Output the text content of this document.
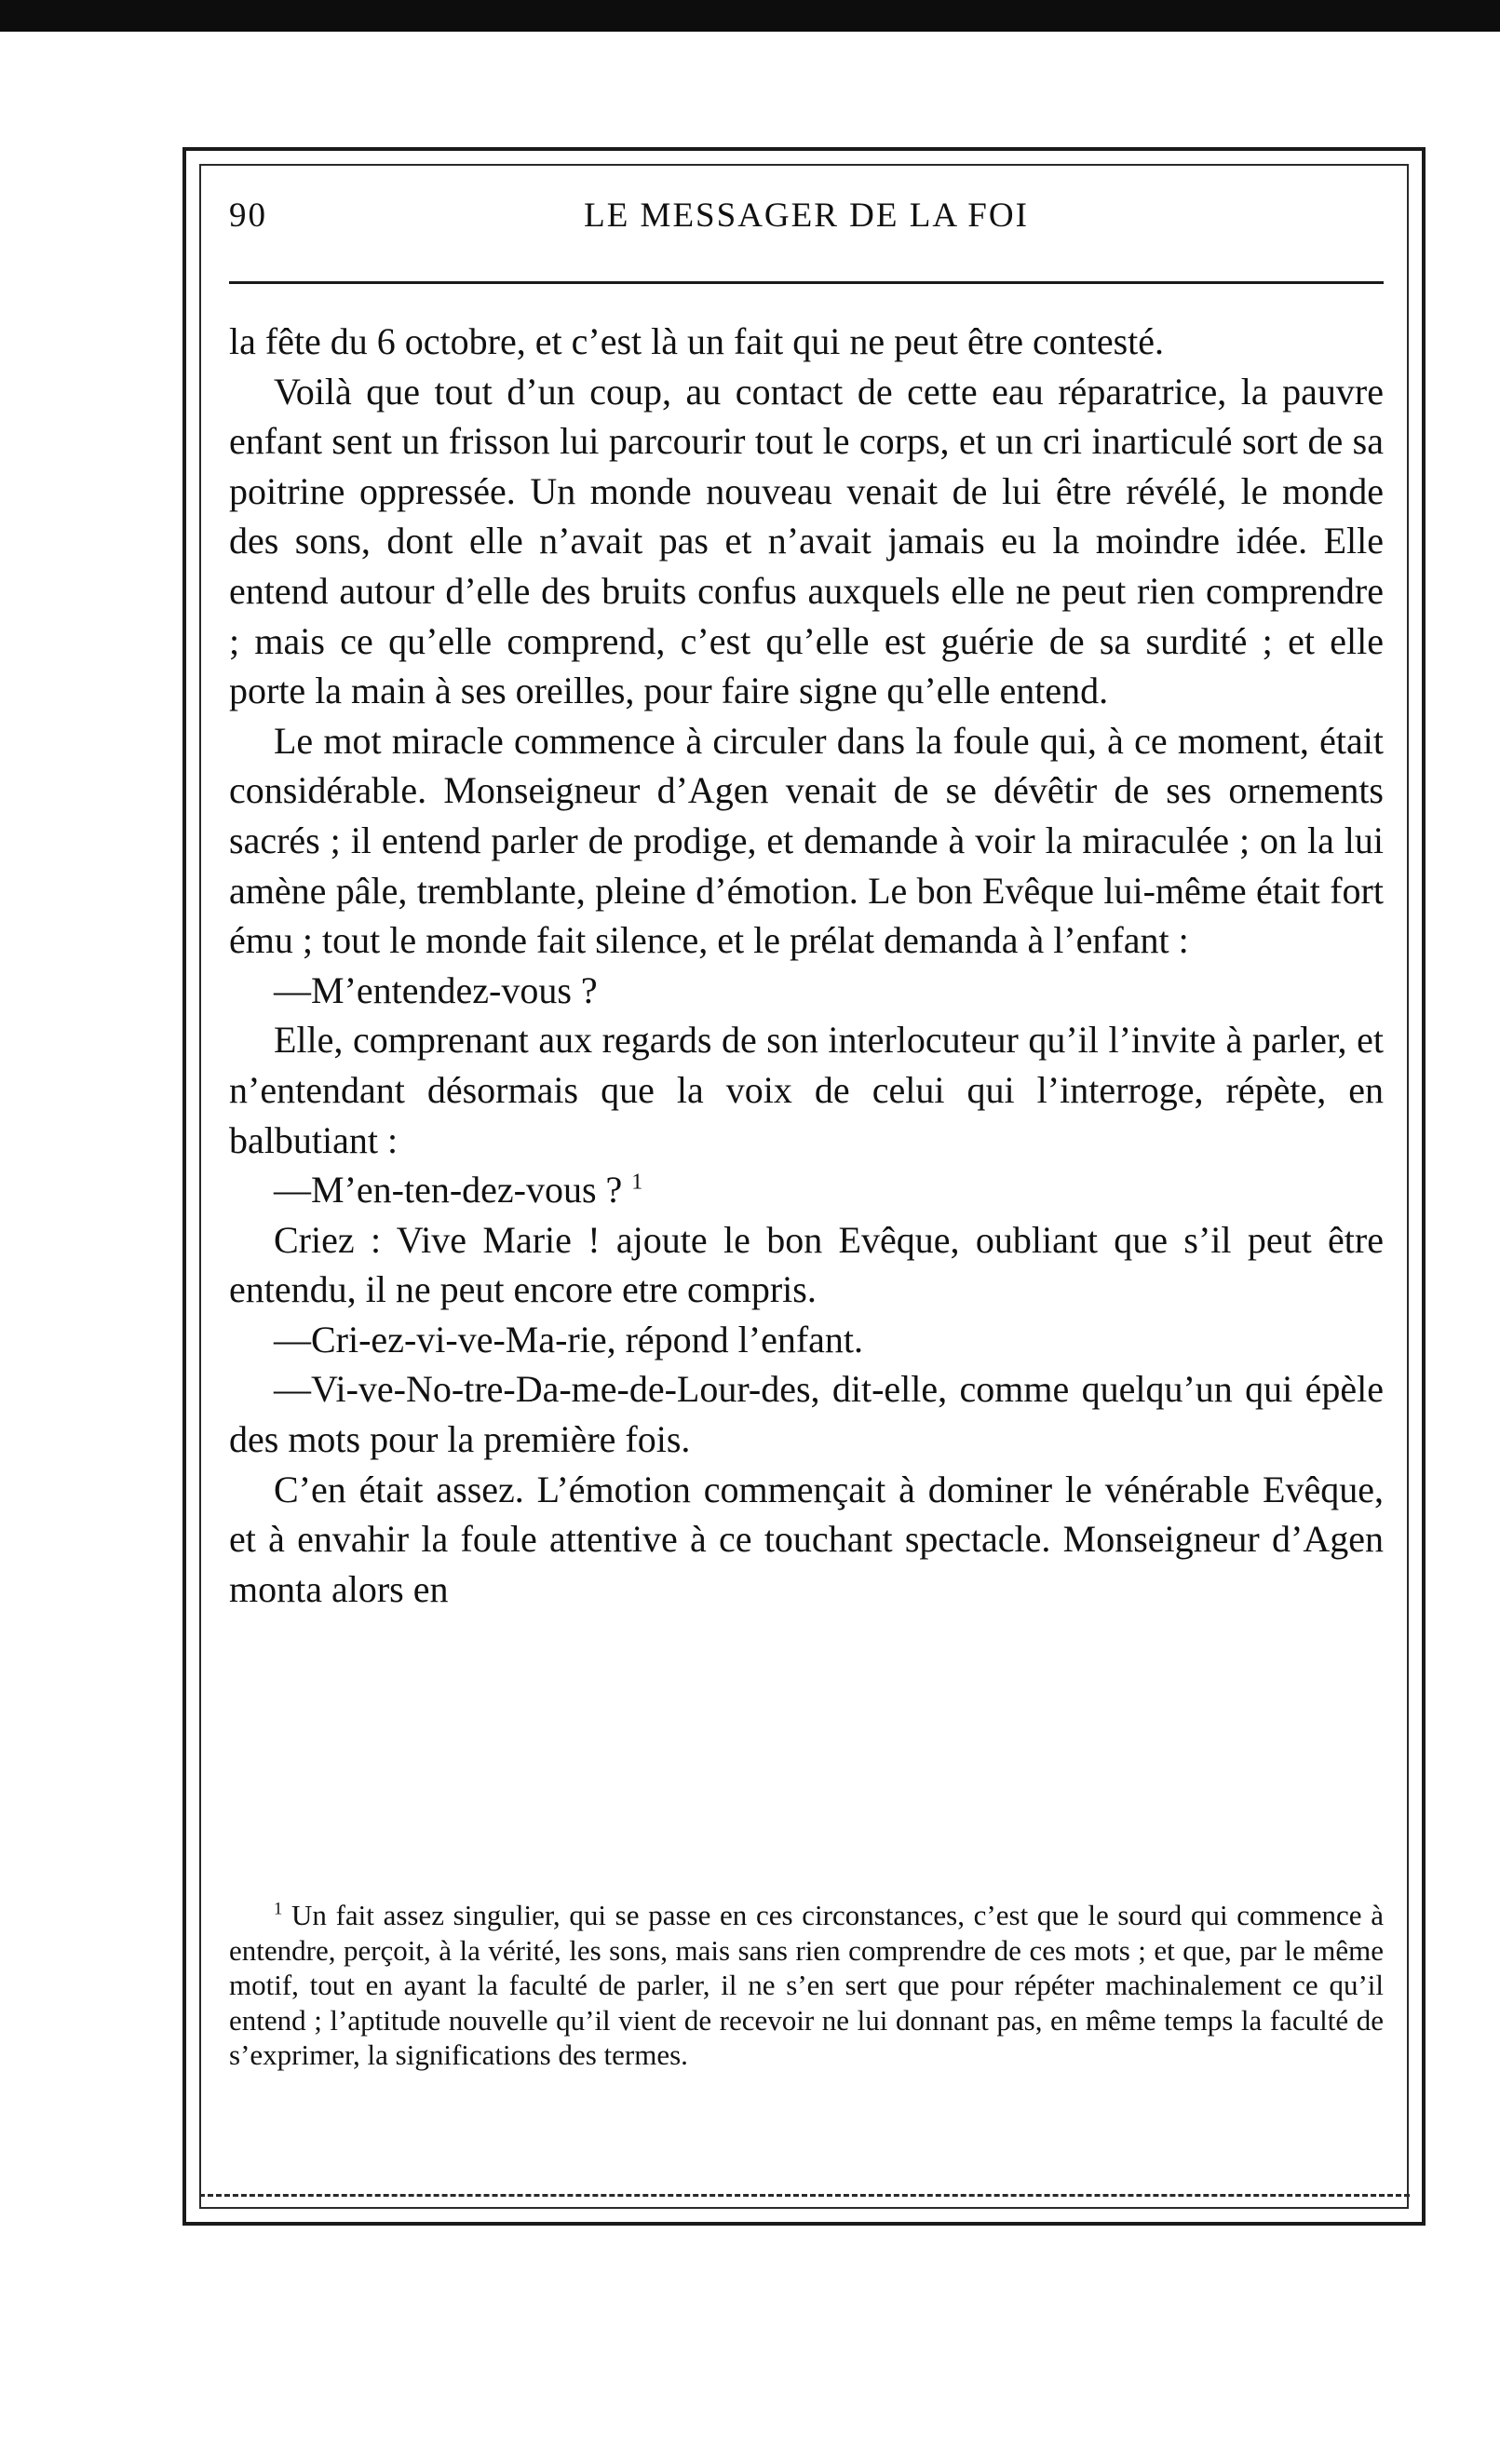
90	LE MESSAGER DE LA FOI

la fête du 6 octobre, et c’est là un fait qui ne peut être contesté.

Voilà que tout d’un coup, au contact de cette eau réparatrice, la pauvre enfant sent un frisson lui parcourir tout le corps, et un cri inarticulé sort de sa poitrine oppressée. Un monde nouveau venait de lui être révélé, le monde des sons, dont elle n’avait pas et n’avait jamais eu la moindre idée. Elle entend autour d’elle des bruits confus auxquels elle ne peut rien comprendre ; mais ce qu’elle comprend, c’est qu’elle est guérie de sa surdité ; et elle porte la main à ses oreilles, pour faire signe qu’elle entend.

Le mot miracle commence à circuler dans la foule qui, à ce moment, était considérable. Monseigneur d’Agen venait de se dévêtir de ses ornements sacrés ; il entend parler de prodige, et demande à voir la miraculée ; on la lui amène pâle, tremblante, pleine d’émotion. Le bon Evêque lui-même était fort ému ; tout le monde fait silence, et le prélat demanda à l’enfant :

—M’entendez-vous ?

Elle, comprenant aux regards de son interlocuteur qu’il l’invite à parler, et n’entendant désormais que la voix de celui qui l’interroge, répète, en balbutiant :

—M’en-ten-dez-vous ? $^1$

Criez : Vive Marie ! ajoute le bon Evêque, oubliant que s’il peut être entendu, il ne peut encore etre compris.

—Cri-ez-vi-ve-Ma-rie, répond l’enfant.

—Vi-ve-No-tre-Da-me-de-Lour-des, dit-elle, comme quelqu’un qui épèle des mots pour la première fois.

C’en était assez. L’émotion commençait à dominer le vénérable Evêque, et à envahir la foule attentive à ce touchant spectacle. Monseigneur d’Agen monta alors en

$^1$ Un fait assez singulier, qui se passe en ces circonstances, c’est que le sourd qui commence à entendre, perçoit, à la vérité, les sons, mais sans rien comprendre de ces mots ; et que, par le même motif, tout en ayant la faculté de parler, il ne s’en sert que pour répéter machinalement ce qu’il entend ; l’aptitude nouvelle qu’il vient de recevoir ne lui donnant pas, en même temps la faculté de s’exprimer, la significations des termes.
